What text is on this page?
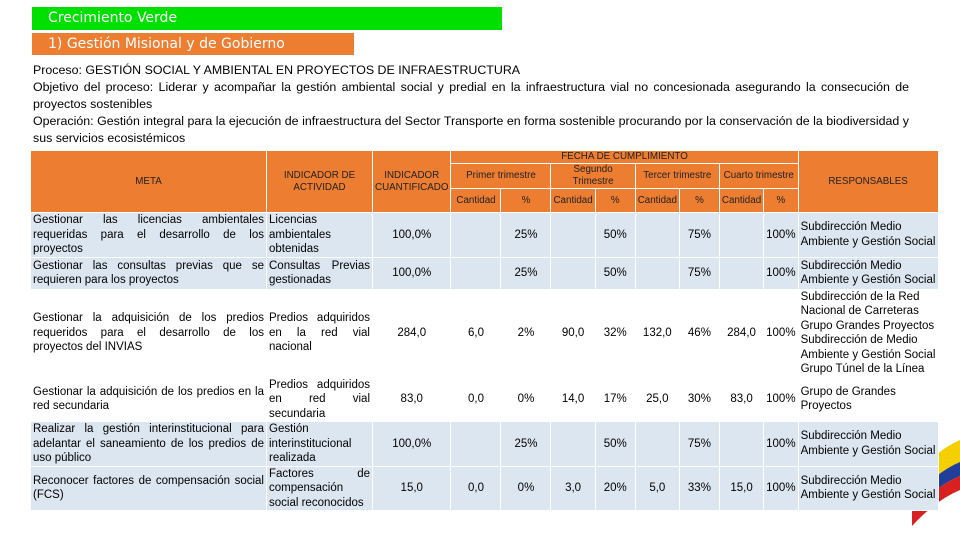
Crecimiento Verde
1) Gestión Misional y de Gobierno

Proceso: GESTIÓN SOCIAL Y AMBIENTAL EN PROYECTOS DE INFRAESTRUCTURA

Objetivo del proceso: Liderar y acompañar la gestión ambiental social y predial en la infraestructura vial no concesionada asegurando la consecución de proyectos sostenibles

Operación: Gestión integral para la ejecución de infraestructura del Sector Transporte en forma sostenible procurando por la conservación de la biodiversidad y sus servicios ecosistémicos

META	INDICADOR DE ACTIVIDAD	INDICADOR CUANTIFICADO	FECHA DE CUMPLIMIENTO								RESPONSABLES
			Primer trimestre		Segundo Trimestre		Tercer trimestre		Cuarto trimestre		
			Cantidad	%	Cantidad	%	Cantidad	%	Cantidad	%	
Gestionar las licencias ambientales requeridas para el desarrollo de los proyectos	Licencias ambientales obtenidas	100,0%		25%		50%		75%		100%	Subdirección Medio Ambiente y Gestión Social
Gestionar las consultas previas que se requieren para los proyectos	Consultas Previas gestionadas	100,0%		25%		50%		75%		100%	Subdirección Medio Ambiente y Gestión Social
Gestionar la adquisición de los predios requeridos para el desarrollo de los proyectos del INVIAS	Predios adquiridos en la red vial nacional	284,0	6,0	2%	90,0	32%	132,0	46%	284,0	100%	Subdirección de la Red Nacional de Carreteras Grupo Grandes Proyectos Subdirección de Medio Ambiente y Gestión Social Grupo Túnel de la Línea
Gestionar la adquisición de los predios en la red secundaria	Predios adquiridos en red vial secundaria	83,0	0,0	0%	14,0	17%	25,0	30%	83,0	100%	Grupo de Grandes Proyectos
Realizar la gestión interinstitucional para adelantar el saneamiento de los predios de uso público	Gestión interinstitucional realizada	100,0%		25%		50%		75%		100%	Subdirección Medio Ambiente y Gestión Social
Reconocer factores de compensación social (FCS)	Factores de compensación social reconocidos	15,0	0,0	0%	3,0	20%	5,0	33%	15,0	100%	Subdirección Medio Ambiente y Gestión Social
